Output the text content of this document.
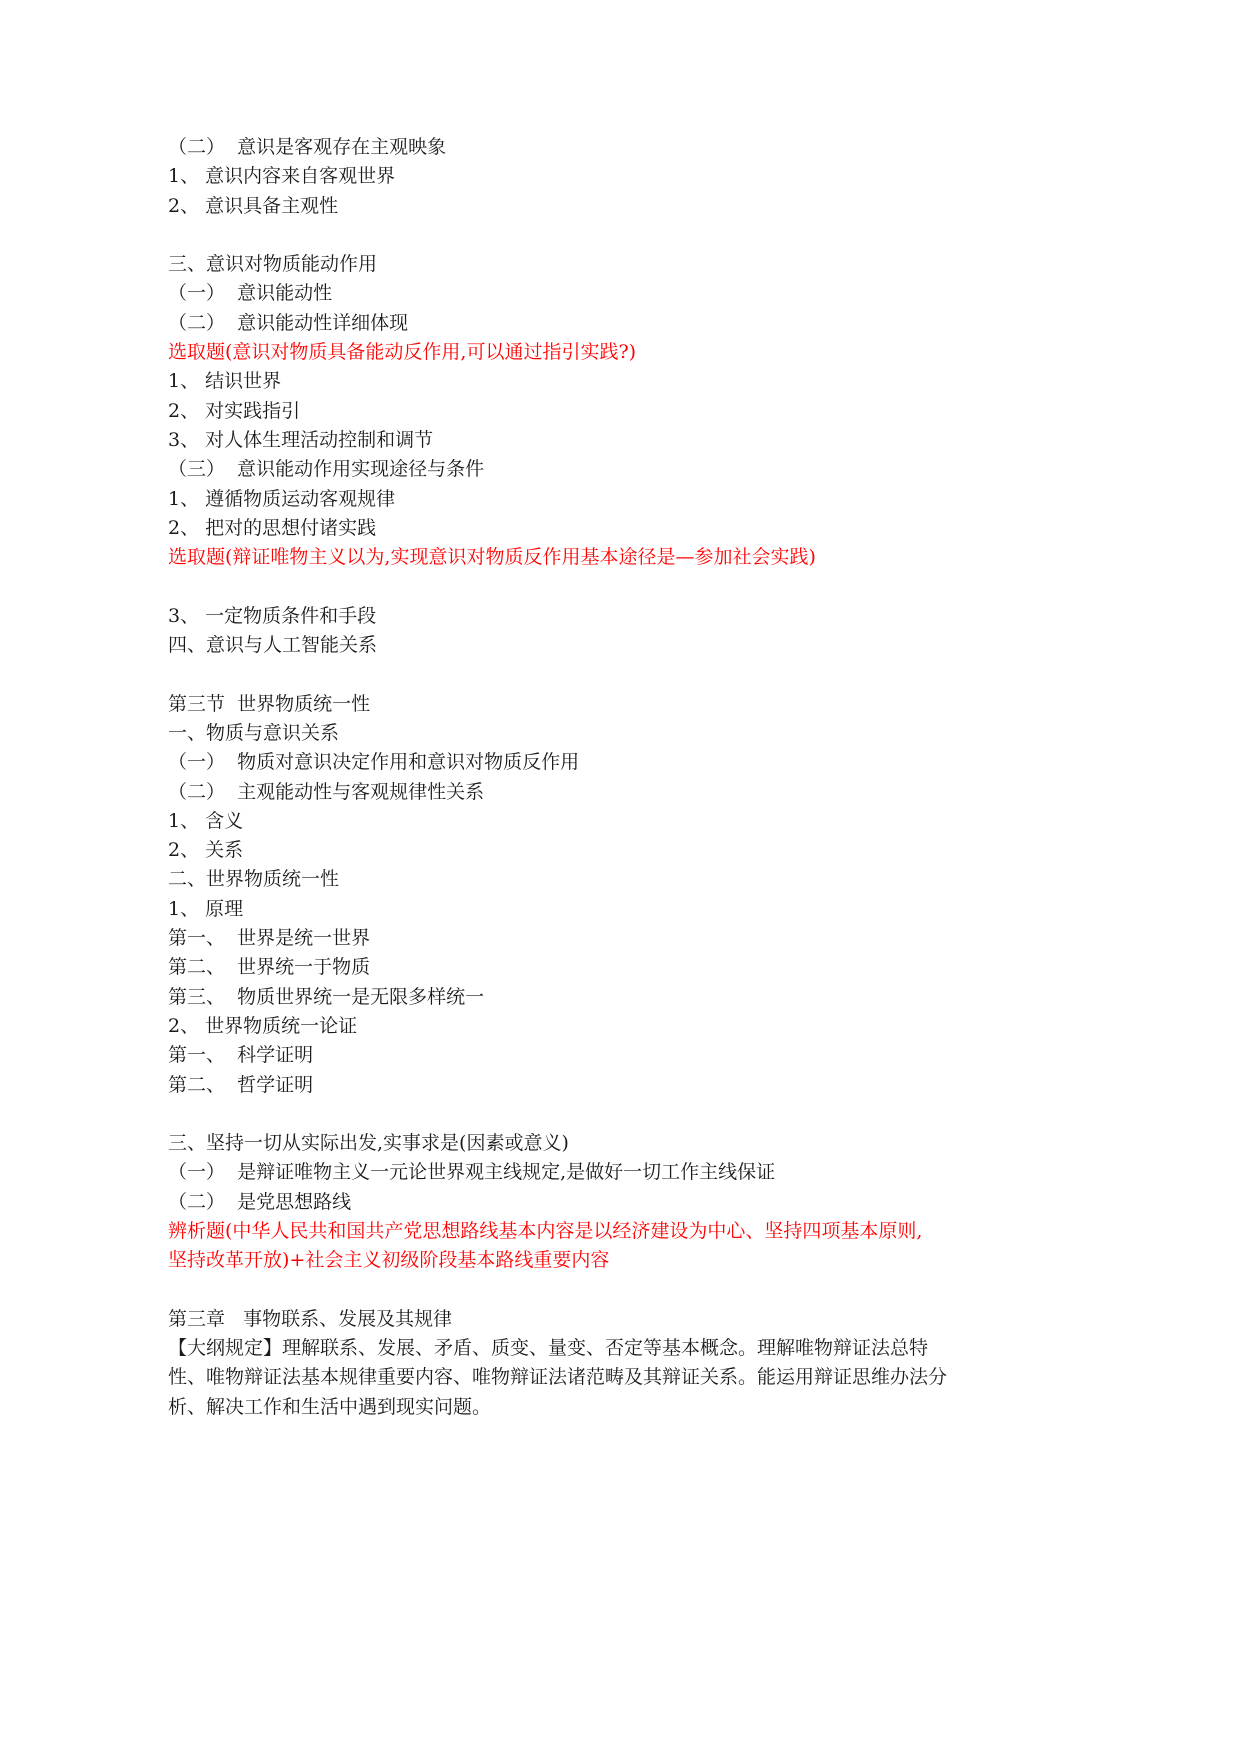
（二）  意识是客观存在主观映象

1、 意识内容来自客观世界

2、 意识具备主观性

三、意识对物质能动作用

（一）  意识能动性

（二）  意识能动性详细体现

选取题(意识对物质具备能动反作用,可以通过指引实践?)

1、 结识世界

2、 对实践指引

3、 对人体生理活动控制和调节

（三）  意识能动作用实现途径与条件

1、 遵循物质运动客观规律

2、 把对的思想付诸实践

选取题(辩证唯物主义以为,实现意识对物质反作用基本途径是—参加社会实践)

3、 一定物质条件和手段

四、意识与人工智能关系

第三节  世界物质统一性

一、物质与意识关系

（一）  物质对意识决定作用和意识对物质反作用

（二）  主观能动性与客观规律性关系

1、 含义

2、 关系

二、世界物质统一性

1、 原理

第一、  世界是统一世界

第二、  世界统一于物质

第三、  物质世界统一是无限多样统一

2、 世界物质统一论证

第一、  科学证明

第二、  哲学证明

三、坚持一切从实际出发,实事求是(因素或意义)

（一）  是辩证唯物主义一元论世界观主线规定,是做好一切工作主线保证

（二）  是党思想路线

辨析题(中华人民共和国共产党思想路线基本内容是以经济建设为中心、坚持四项基本原则,

坚持改革开放)+社会主义初级阶段基本路线重要内容

第三章   事物联系、发展及其规律

【大纲规定】理解联系、发展、矛盾、质变、量变、否定等基本概念。理解唯物辩证法总特性、唯物辩证法基本规律重要内容、唯物辩证法诸范畴及其辩证关系。能运用辩证思维办法分析、解决工作和生活中遇到现实问题。
